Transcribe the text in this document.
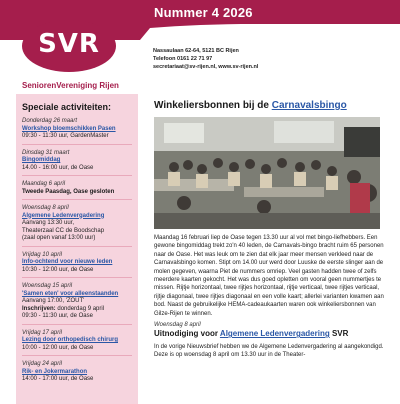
Nummer 4 2026
SVR
SeniorenVereniging Rijen
Nassaulaan 62-64, 5121 BC Rijen
Telefoon 0161 22 71 97
secretariaat@sv-rijen.nl, www.sv-rijen.nl
Speciale activiteiten:
Donderdag 26 maart
Workshop bloemschikken Pasen
09:30 - 11:30 uur, GardenMaster
Dinsdag 31 maart
Bingomiddag
14.00 - 16:00 uur, de Oase
Maandag 6 april
Tweede Paasdag, Oase gesloten
Woensdag 8 april
Algemene Ledenvergadering
Aanvang 13:30 uur,
Theaterzaal CC de Boodschap
(zaal open vanaf 13:00 uur)
Vrijdag 10 april
Info-ochtend voor nieuwe leden
10:30 - 12:00 uur, de Oase
Woensdag 15 april
'Samen eten' voor alleenstaanden
Aanvang 17:00, 'ZOUT'
Inschrijven: donderdag 9 april
09:30 - 11:30 uur, de Oase
Vrijdag 17 april
Lezing door orthopedisch chirurg
10:00 - 12:00 uur, de Oase
Vrijdag 24 april
Rik- en Jokermarathon
14:00 - 17:00 uur, de Oase
Winkeliersbonnen bij de Carnavalsbingo
Maandag 16 februari liep de Oase tegen 13.30 uur al vol met bingo-liefhebbers. Een gewone bingomiddag trekt zo'n 40 leden, de Carnavals-bingo bracht ruim 65 personen naar de Oase. Het was leuk om te zien dat elk jaar meer mensen verkleed naar de Carnavalsbingo komen. Stipt om 14.00 uur werd door Luuske de eerste slinger aan de molen gegeven, waarna Piet de nummers omriep. Veel gasten hadden twee of zelfs meerdere kaarten gekocht. Het was dus goed opletten om vooral geen nummertjes te missen. Rijtje horizontaal, twee rijtjes horizontaal, rijtje verticaal, twee rijtjes verticaal, rijtje diagonaal, twee rijtjes diagonaal en een volle kaart; allerlei varianten kwamen aan bod. Naast de gebruikelijke HEMA-cadeaukaarten waren ook winkeliersbonnen van Gilze-Rijen te winnen.
Woensdag 8 april
Uitnodiging voor Algemene Ledenvergadering SVR
In de vorige Nieuwsbrief hebben we de Algemene Ledenvergadering al aangekondigd. Deze is op woensdag 8 april om 13.30 uur in de Theater-
